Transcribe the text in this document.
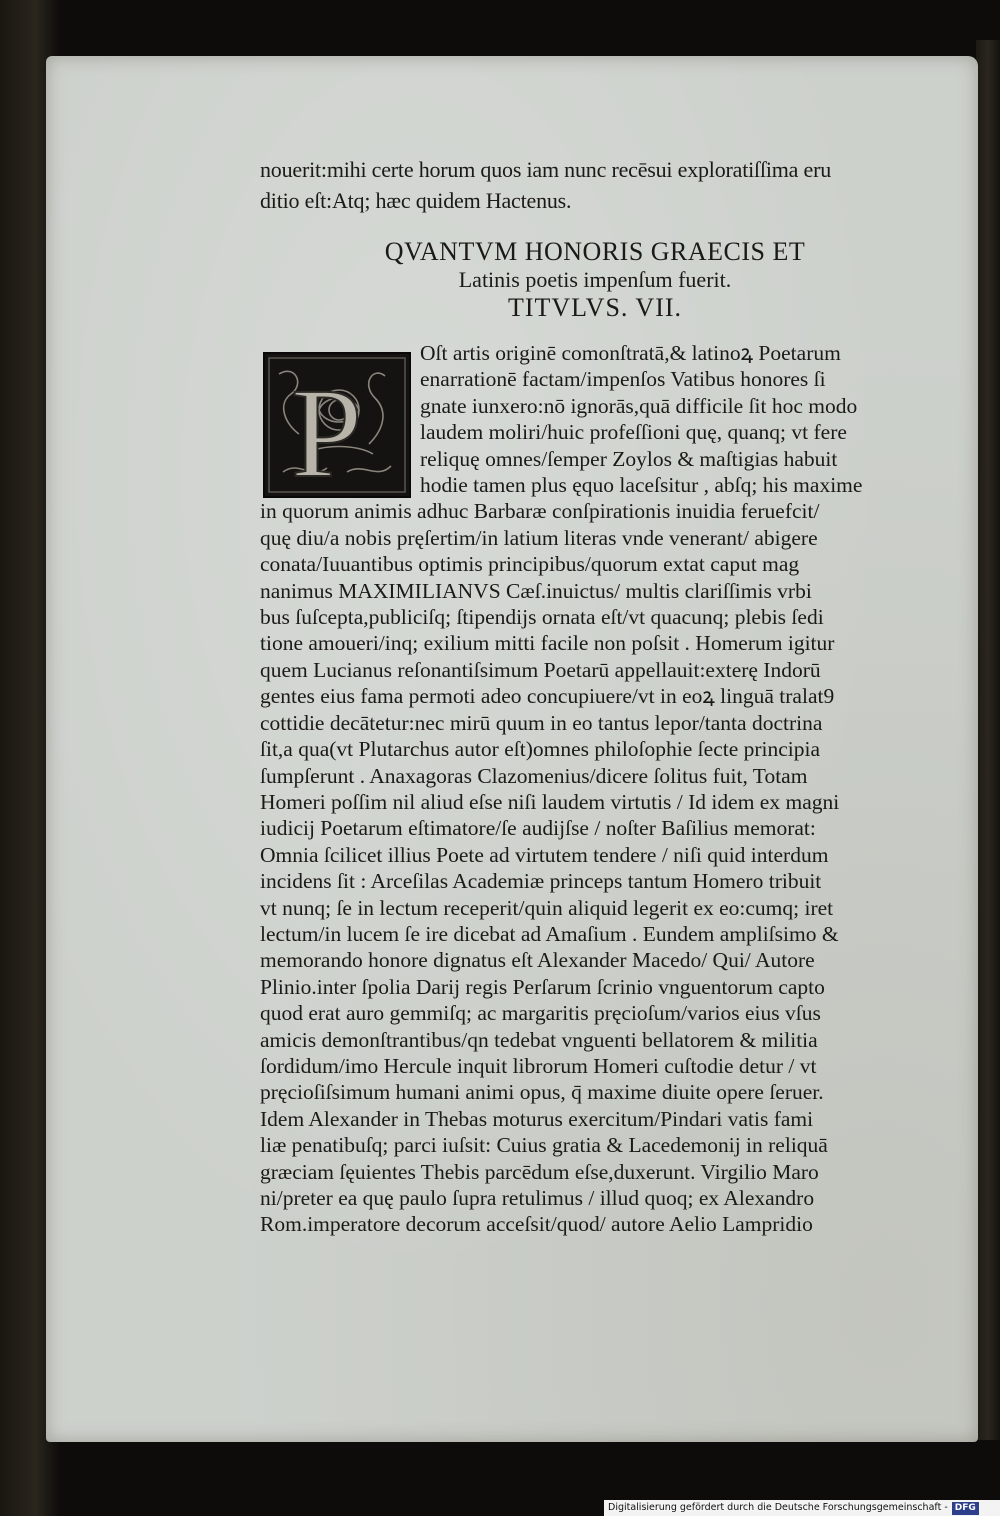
P
nouerit:mihi certe horum quos iam nunc recēsui exploratiſſima eru
ditio eſt:Atq; hæc quidem Hactenus.
QVANTVM HONORIS GRAECIS ET
Latinis poetis impenſum fuerit.
TITVLVS. VII.
Oſt artis originē comonſtratā,& latinoꝝ Poetarum
enarrationē factam/impenſos Vatibus honores ſi
gnate iunxero:nō ignorās,quā difficile ſit hoc modo
laudem moliri/huic profeſſioni quę, quanq; vt fere
reliquę omnes/ſemper Zoylos & maſtigias habuit
hodie tamen plus ęquo laceſsitur , abſq; his maxime
in quorum animis adhuc Barbaræ conſpirationis inuidia feruefcit/
quę diu/a nobis pręſertim/in latium literas vnde venerant/ abigere
conata/Iuuantibus optimis principibus/quorum extat caput mag
nanimus MAXIMILIANVS Cæſ.inuictus/ multis clariſſimis vrbi
bus ſuſcepta,publiciſq; ſtipendijs ornata eſt/vt quacunq; plebis ſedi
tione amoueri/inq; exilium mitti facile non poſsit . Homerum igitur
quem Lucianus reſonantiſsimum Poetarū appellauit:exterę Indorū
gentes eius fama permoti adeo concupiuere/vt in eoꝝ linguā tralat9
cottidie decātetur:nec mirū quum in eo tantus lepor/tanta doctrina
ſit,a qua(vt Plutarchus autor eſt)omnes philoſophie ſecte principia
ſumpſerunt . Anaxagoras Clazomenius/dicere ſolitus fuit, Totam
Homeri poſſim nil aliud eſse niſi laudem virtutis / Id idem ex magni
iudicij Poetarum eſtimatore/ſe audijſse / noſter Baſilius memorat:
Omnia ſcilicet illius Poete ad virtutem tendere / niſi quid interdum
incidens ſit : Arceſilas Academiæ princeps tantum Homero tribuit
vt nunq; ſe in lectum receperit/quin aliquid legerit ex eo:cumq; iret
lectum/in lucem ſe ire dicebat ad Amaſium . Eundem ampliſsimo &
memorando honore dignatus eſt Alexander Macedo/ Qui/ Autore
Plinio.inter ſpolia Darij regis Perſarum ſcrinio vnguentorum capto
quod erat auro gemmiſq; ac margaritis pręcioſum/varios eius vſus
amicis demonſtrantibus/qn tedebat vnguenti bellatorem & militia
ſordidum/imo Hercule inquit librorum Homeri cuſtodie detur / vt
pręcioſiſsimum humani animi opus, q̄ maxime diuite opere ſeruer.
Idem Alexander in Thebas moturus exercitum/Pindari vatis fami
liæ penatibuſq; parci iuſsit: Cuius gratia & Lacedemonij in reliquā
græciam ſęuientes Thebis parcēdum eſse,duxerunt. Virgilio Maro
ni/preter ea quę paulo ſupra retulimus / illud quoq; ex Alexandro
Rom.imperatore decorum acceſsit/quod/ autore Aelio Lampridio
Digitalisierung gefördert durch die Deutsche Forschungsgemeinschaft - DFG
